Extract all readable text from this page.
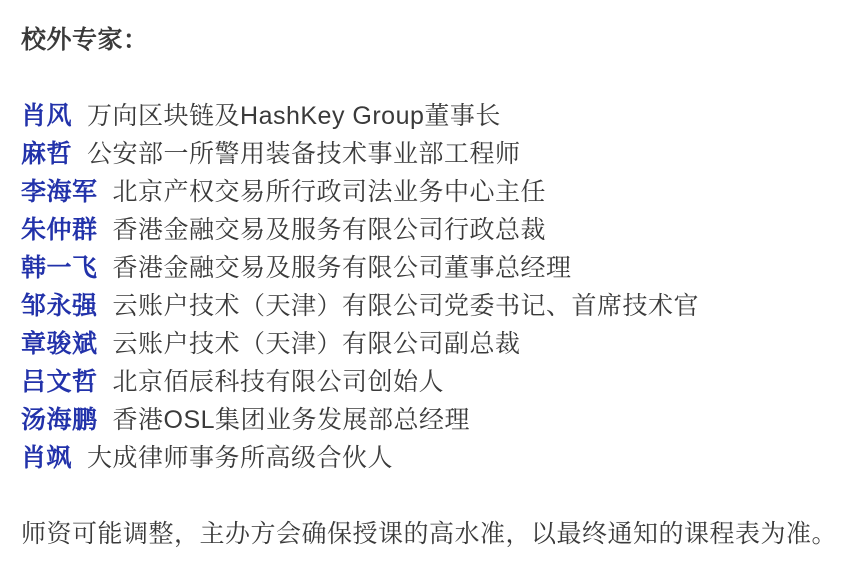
校外专家：

肖风 万向区块链及HashKey Group董事长

麻哲 公安部一所警用装备技术事业部工程师

李海军 北京产权交易所行政司法业务中心主任

朱仲群 香港金融交易及服务有限公司行政总裁

韩一飞 香港金融交易及服务有限公司董事总经理

邹永强 云账户技术（天津）有限公司党委书记、首席技术官

章骏斌 云账户技术（天津）有限公司副总裁

吕文哲 北京佰辰科技有限公司创始人

汤海鹏 香港OSL集团业务发展部总经理

肖飒 大成律师事务所高级合伙人

师资可能调整，主办方会确保授课的高水准，以最终通知的课程表为准。
